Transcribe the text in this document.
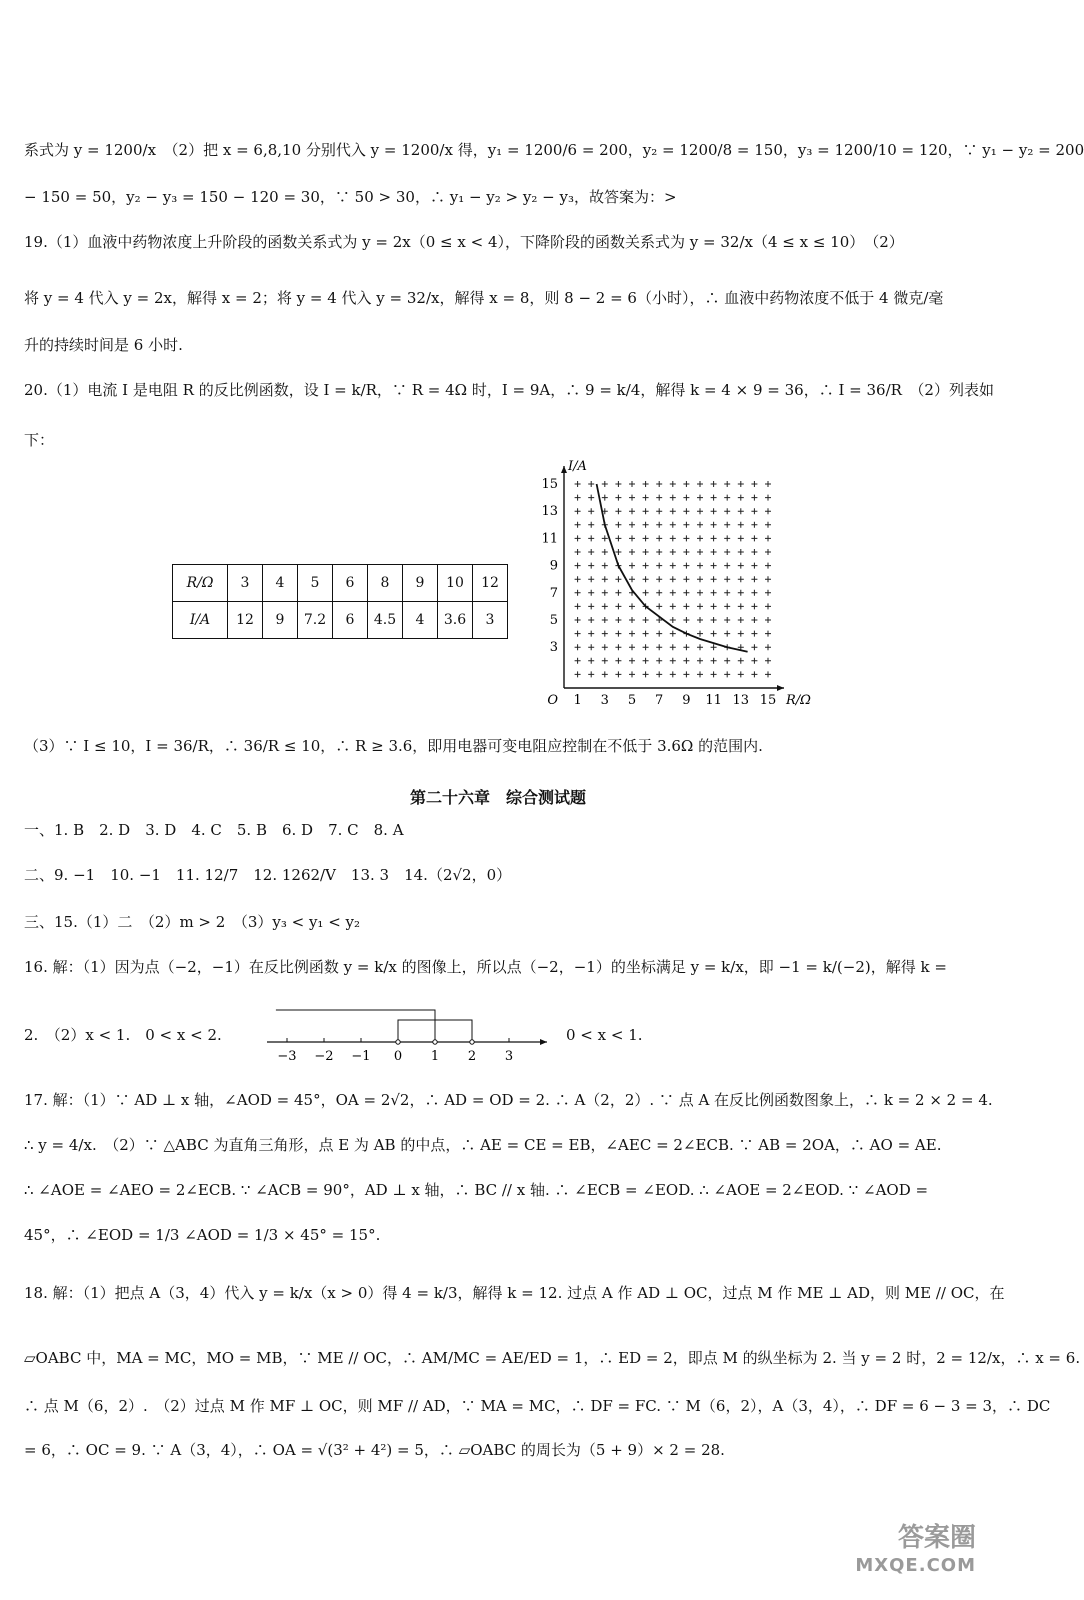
系式为 y = 1200/x　（2）把 x = 6,8,10 分别代入 y = 1200/x 得，y₁ = 1200/6 = 200，y₂ = 1200/8 = 150，y₃ = 1200/10 = 120，∵ y₁ − y₂ = 200
− 150 = 50，y₂ − y₃ = 150 − 120 = 30，∵ 50 > 30，∴ y₁ − y₂ > y₂ − y₃，故答案为：>
19.（1）血液中药物浓度上升阶段的函数关系式为 y = 2x（0 ≤ x < 4），下降阶段的函数关系式为 y = 32/x（4 ≤ x ≤ 10）　（2）
将 y = 4 代入 y = 2x，解得 x = 2；将 y = 4 代入 y = 32/x，解得 x = 8，则 8 − 2 = 6（小时），∴ 血液中药物浓度不低于 4 微克/毫
升的持续时间是 6 小时.
20.（1）电流 I 是电阻 R 的反比例函数，设 I = k/R，∵ R = 4Ω 时，I = 9A，∴ 9 = k/4，解得 k = 4 × 9 = 36，∴ I = 36/R　（2）列表如
下：
R/Ω	3	4	5	6	8	9	10	12
I/A	12	9	7.2	6	4.5	4	3.6	3
1 3 5 7 9 11 13 15
3
5
7
9
11
13
15
O	R/Ω
I/A
（3）∵ I ≤ 10，I = 36/R，∴ 36/R ≤ 10，∴ R ≥ 3.6，即用电器可变电阻应控制在不低于 3.6Ω 的范围内.
第二十六章　综合测试题
一、1. B　2. D　3. D　4. C　5. B　6. D　7. C　8. A
二、9. −1　10. −1　11. 12/7　12. 1262/V　13. 3　14.（2√2，0）
三、15.（1）二　（2）m > 2　（3）y₃ < y₁ < y₂
16. 解：（1）因为点（−2，−1）在反比例函数 y = k/x 的图像上，所以点（−2，−1）的坐标满足 y = k/x，即 −1 = k/(−2)，解得 k =
2.　（2）x < 1.　0 < x < 2.
−3 −2 −1 0 1 2 3
0 < x < 1.
17. 解：（1）∵ AD ⊥ x 轴，∠AOD = 45°，OA = 2√2，∴ AD = OD = 2. ∴ A（2，2）. ∵ 点 A 在反比例函数图象上，∴ k = 2 × 2 = 4.
∴ y = 4/x.　（2）∵ △ABC 为直角三角形，点 E 为 AB 的中点，∴ AE = CE = EB，∠AEC = 2∠ECB. ∵ AB = 2OA，∴ AO = AE.
∴ ∠AOE = ∠AEO = 2∠ECB. ∵ ∠ACB = 90°，AD ⊥ x 轴，∴ BC // x 轴. ∴ ∠ECB = ∠EOD. ∴ ∠AOE = 2∠EOD. ∵ ∠AOD =
45°，∴ ∠EOD = 1/3 ∠AOD = 1/3 × 45° = 15°.
18. 解：（1）把点 A（3，4）代入 y = k/x（x > 0）得 4 = k/3，解得 k = 12. 过点 A 作 AD ⊥ OC，过点 M 作 ME ⊥ AD，则 ME // OC，在
▱OABC 中，MA = MC，MO = MB，∵ ME // OC，∴ AM/MC = AE/ED = 1，∴ ED = 2，即点 M 的纵坐标为 2. 当 y = 2 时，2 = 12/x，∴ x = 6.
∴ 点 M（6，2）.　（2）过点 M 作 MF ⊥ OC，则 MF // AD，∵ MA = MC，∴ DF = FC. ∵ M（6，2），A（3，4），∴ DF = 6 − 3 = 3，∴ DC
= 6，∴ OC = 9. ∵ A（3，4），∴ OA = √(3² + 4²) = 5，∴ ▱OABC 的周长为（5 + 9）× 2 = 28.
答案圈
MXQE.COM
